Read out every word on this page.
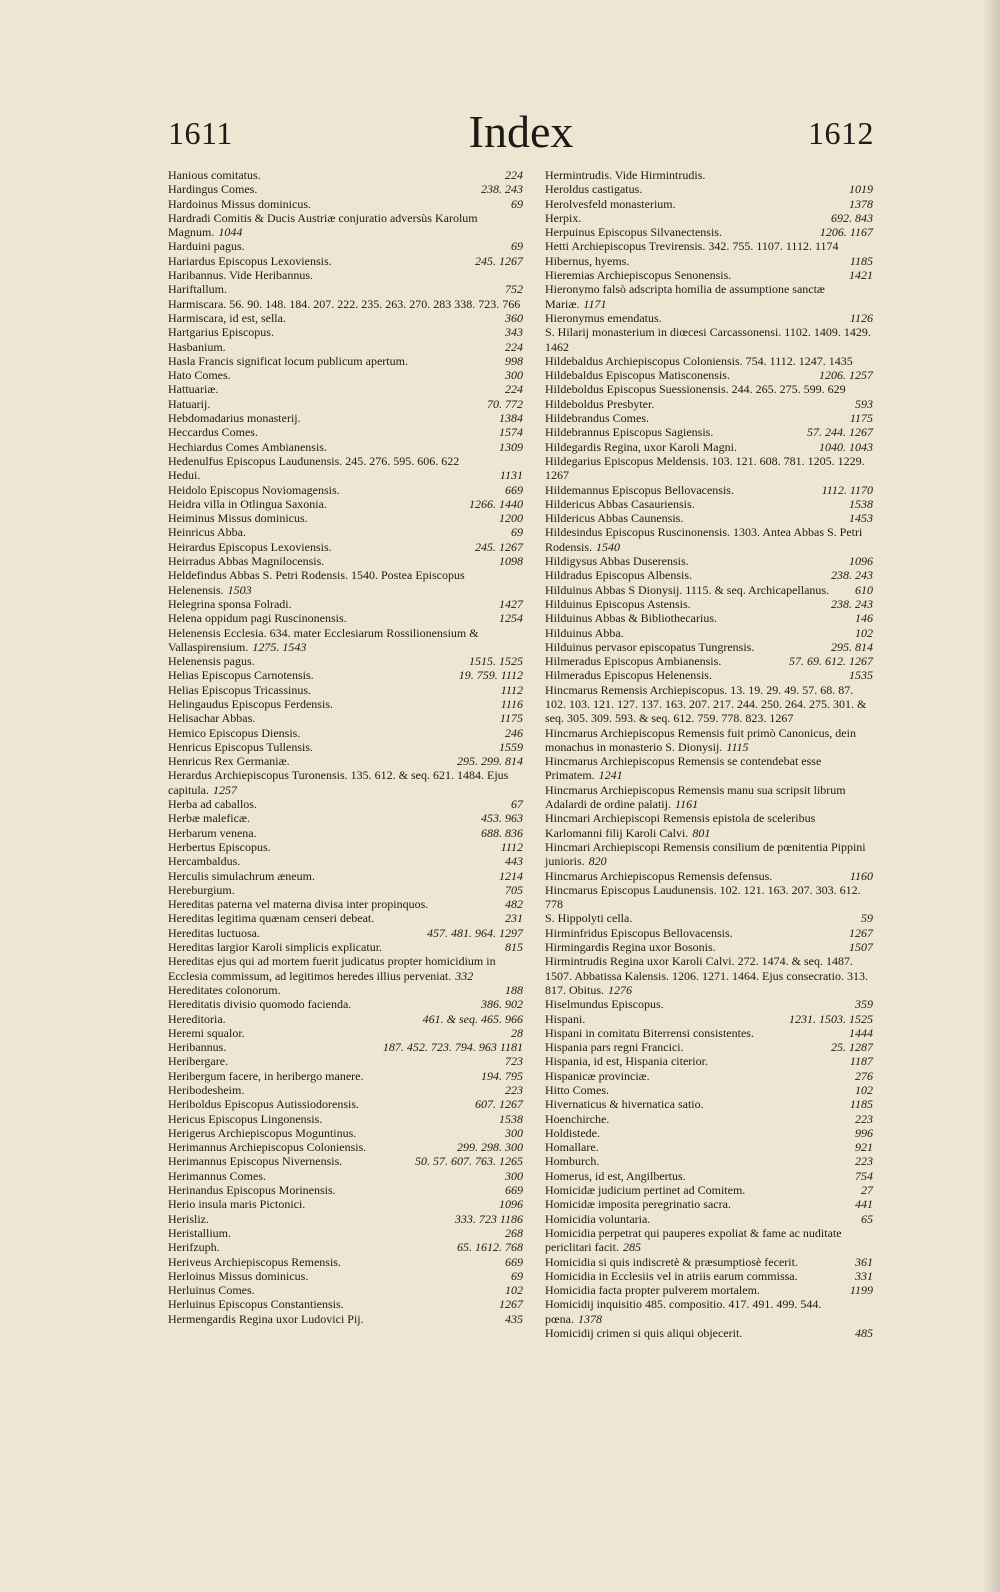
1611	Index	1612
Hanious comitatus.	224
Hardingus Comes.	238. 243
Hardoinus Missus dominicus.	69
Hardradi Comitis & Ducis Austriæ conjuratio adversùs Karolum Magnum. 1044
Harduini pagus.	69
Hariardus Episcopus Lexoviensis.	245. 1267
Haribannus. Vide Heribannus.
Hariftallum.	752
Harmiscara. 56. 90. 148. 184. 207. 222. 235. 263. 270. 283 338. 723. 766
Harmiscara, id est, sella.	360
Hartgarius Episcopus.	343
Hasbanium.	224
Hasla Francis significat locum publicum apertum.	998
Hato Comes.	300
Hattuariæ.	224
Hatuarij.	70. 772
Hebdomadarius monasterij.	1384
Heccardus Comes.	1574
Hechiardus Comes Ambianensis.	1309
Hedenulfus Episcopus Laudunensis. 245. 276. 595. 606. 622
Hedui.	1131
Heidolo Episcopus Noviomagensis.	669
Heidra villa in Otlingua Saxonia.	1266. 1440
Heiminus Missus dominicus.	1200
Heinricus Abba.	69
Heirardus Episcopus Lexoviensis.	245. 1267
Heirradus Abbas Magnilocensis.	1098
Heldefindus Abbas S. Petri Rodensis. 1540. Postea Episcopus Helenensis. 1503
Helegrina sponsa Folradi.	1427
Helena oppidum pagi Ruscinonensis.	1254
Helenensis Ecclesia. 634. mater Ecclesiarum Rossilionensium & Vallaspirensium. 1275. 1543
Helenensis pagus.	1515. 1525
Helias Episcopus Carnotensis.	19. 759. 1112
Helias Episcopus Tricassinus.	1112
Helingaudus Episcopus Ferdensis.	1116
Helisachar Abbas.	1175
Hemico Episcopus Diensis.	246
Henricus Episcopus Tullensis.	1559
Henricus Rex Germaniæ.	295. 299. 814
Herardus Archiepiscopus Turonensis. 135. 612. & seq. 621. 1484. Ejus capitula. 1257
Herba ad caballos.	67
Herbæ maleficæ.	453. 963
Herbarum venena.	688. 836
Herbertus Episcopus.	1112
Hercambaldus.	443
Herculis simulachrum æneum.	1214
Hereburgium.	705
Hereditas paterna vel materna divisa inter propinquos.	482
Hereditas legitima quænam censeri debeat.	231
Hereditas luctuosa.	457. 481. 964. 1297
Hereditas largior Karoli simplicis explicatur.	815
Hereditas ejus qui ad mortem fuerit judicatus propter homicidium in Ecclesia commissum, ad legitimos heredes illius perveniat. 332
Hereditates colonorum.	188
Hereditatis divisio quomodo facienda.	386. 902
Hereditoria.	461. & seq. 465. 966
Heremi squalor.	28
Heribannus.	187. 452. 723. 794. 963 1181
Heribergare.	723
Heribergum facere, in heribergo manere.	194. 795
Heribodesheim.	223
Heriboldus Episcopus Autissiodorensis.	607. 1267
Hericus Episcopus Lingonensis.	1538
Herigerus Archiepiscopus Moguntinus.	300
Herimannus Archiepiscopus Coloniensis.	299. 298. 300
Herimannus Episcopus Nivernensis.	50. 57. 607. 763. 1265
Herimannus Comes.	300
Herinandus Episcopus Morinensis.	669
Herio insula maris Pictonici.	1096
Herisliz.	333. 723 1186
Heristallium.	268
Herifzuph.	65. 1612. 768
Heriveus Archiepiscopus Remensis.	669
Herloinus Missus dominicus.	69
Herluinus Comes.	102
Herluinus Episcopus Constantiensis.	1267
Hermengardis Regina uxor Ludovici Pij.	435
Hermintrudis. Vide Hirmintrudis.
Heroldus castigatus.	1019
Herolvesfeld monasterium.	1378
Herpix.	692. 843
Herpuinus Episcopus Silvanectensis.	1206. 1167
Hetti Archiepiscopus Trevirensis. 342. 755. 1107. 1112. 1174
Hibernus, hyems.	1185
Hieremias Archiepiscopus Senonensis.	1421
Hieronymo falsò adscripta homilia de assumptione sanctæ Mariæ. 1171
Hieronymus emendatus.	1126
S. Hilarij monasterium in diœcesi Carcassonensi. 1102. 1409. 1429. 1462
Hildebaldus Archiepiscopus Coloniensis. 754. 1112. 1247. 1435
Hildebaldus Episcopus Matisconensis.	1206. 1257
Hildeboldus Episcopus Suessionensis. 244. 265. 275. 599. 629
Hildeboldus Presbyter.	593
Hildebrandus Comes.	1175
Hildebrannus Episcopus Sagiensis.	57. 244. 1267
Hildegardis Regina, uxor Karoli Magni.	1040. 1043
Hildegarius Episcopus Meldensis. 103. 121. 608. 781. 1205. 1229. 1267
Hildemannus Episcopus Bellovacensis.	1112. 1170
Hildericus Abbas Casauriensis.	1538
Hildericus Abbas Caunensis.	1453
Hildesindus Episcopus Ruscinonensis. 1303. Antea Abbas S. Petri Rodensis. 1540
Hildigysus Abbas Duserensis.	1096
Hildradus Episcopus Albensis.	238. 243
Hilduinus Abbas S Dionysij. 1115. & seq. Archicapellanus.	610
Hilduinus Episcopus Astensis.	238. 243
Hilduinus Abbas & Bibliothecarius.	146
Hilduinus Abba.	102
Hilduinus pervasor episcopatus Tungrensis.	295. 814
Hilmeradus Episcopus Ambianensis.	57. 69. 612. 1267
Hilmeradus Episcopus Helenensis.	1535
Hincmarus Remensis Archiepiscopus. 13. 19. 29. 49. 57. 68. 87. 102. 103. 121. 127. 137. 163. 207. 217. 244. 250. 264. 275. 301. & seq. 305. 309. 593. & seq. 612. 759. 778. 823. 1267
Hincmarus Archiepiscopus Remensis fuit primò Canonicus, dein monachus in monasterio S. Dionysij. 1115
Hincmarus Archiepiscopus Remensis se contendebat esse Primatem. 1241
Hincmarus Archiepiscopus Remensis manu sua scripsit librum Adalardi de ordine palatij. 1161
Hincmari Archiepiscopi Remensis epistola de sceleribus Karlomanni filij Karoli Calvi. 801
Hincmari Archiepiscopi Remensis consilium de pœnitentia Pippini junioris. 820
Hincmarus Archiepiscopus Remensis defensus.	1160
Hincmarus Episcopus Laudunensis. 102. 121. 163. 207. 303. 612. 778
S. Hippolyti cella.	59
Hirminfridus Episcopus Bellovacensis.	1267
Hirmingardis Regina uxor Bosonis.	1507
Hirmintrudis Regina uxor Karoli Calvi. 272. 1474. & seq. 1487. 1507. Abbatissa Kalensis. 1206. 1271. 1464. Ejus consecratio. 313. 817. Obitus. 1276
Hiselmundus Episcopus.	359
Hispani.	1231. 1503. 1525
Hispani in comitatu Biterrensi consistentes.	1444
Hispania pars regni Francici.	25. 1287
Hispania, id est, Hispania citerior.	1187
Hispanicæ provinciæ.	276
Hitto Comes.	102
Hivernaticus & hivernatica satio.	1185
Hoenchirche.	223
Holdistede.	996
Homallare.	921
Homburch.	223
Homerus, id est, Angilbertus.	754
Homicidæ judicium pertinet ad Comitem.	27
Homicidæ imposita peregrinatio sacra.	441
Homicidia voluntaria.	65
Homicidia perpetrat qui pauperes expoliat & fame ac nuditate periclitari facit. 285
Homicidia si quis indiscretè & præsumptiosè fecerit.	361
Homicidia in Ecclesiis vel in atriis earum commissa.	331
Homicidia facta propter pulverem mortalem.	1199
Homicidij inquisitio 485. compositio. 417. 491. 499. 544. pœna. 1378
Homicidij crimen si quis aliqui objecerit.	485
